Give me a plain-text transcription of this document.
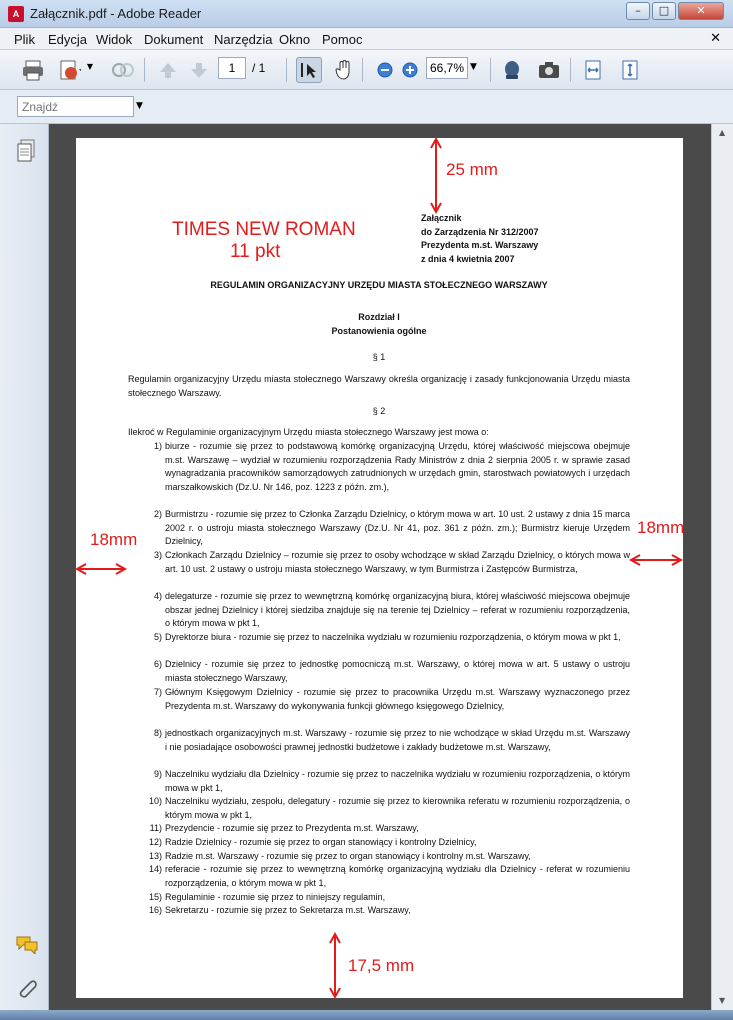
A Załącznik.pdf - Adobe Reader	–	□	✕
Plik Edycja Widok Dokument Narzędzia Okno Pomoc	✕
1	/ 1	66,7% ▼
▼
Znajdź
▼
25 mm
TIMES NEW ROMAN
11 pkt
18mm
18mm
17,5 mm
Załącznik
do Zarządzenia Nr 312/2007
Prezydenta m.st. Warszawy
z dnia 4 kwietnia 2007
REGULAMIN ORGANIZACYJNY URZĘDU MIASTA STOŁECZNEGO WARSZAWY
Rozdział I
Postanowienia ogólne
§ 1
Regulamin organizacyjny Urzędu miasta stołecznego Warszawy określa organizację i zasady funkcjonowania Urzędu miasta stołecznego Warszawy.
§ 2
Ilekroć w Regulaminie organizacyjnym Urzędu miasta stołecznego Warszawy jest mowa o:
1) biurze - rozumie się przez to podstawową komórkę organizacyjną Urzędu, której właściwość miejscowa obejmuje m.st. Warszawę – wydział w rozumieniu rozporządzenia Rady Ministrów z dnia 2 sierpnia 2005 r. w sprawie zasad wynagradzania pracowników samorządowych zatrudnionych w urzędach gmin, starostwach powiatowych i urzędach marszałkowskich (Dz.U. Nr 146, poz. 1223 z późn. zm.),
2) Burmistrzu - rozumie się przez to Członka Zarządu Dzielnicy, o którym mowa w art. 10 ust. 2 ustawy z dnia 15 marca 2002 r. o ustroju miasta stołecznego Warszawy (Dz.U. Nr 41, poz. 361 z późn. zm.); Burmistrz kieruje Urzędem Dzielnicy,
3) Członkach Zarządu Dzielnicy – rozumie się przez to osoby wchodzące w skład Zarządu Dzielnicy, o których mowa w art. 10 ust. 2 ustawy o ustroju miasta stołecznego Warszawy, w tym Burmistrza i Zastępców Burmistrza,
4) delegaturze - rozumie się przez to wewnętrzną komórkę organizacyjną biura, której właściwość miejscowa obejmuje obszar jednej Dzielnicy i której siedziba znajduje się na terenie tej Dzielnicy – referat w rozumieniu rozporządzenia, o którym mowa w pkt 1,
5) Dyrektorze biura - rozumie się przez to naczelnika wydziału w rozumieniu rozporządzenia, o którym mowa w pkt 1,
6) Dzielnicy - rozumie się przez to jednostkę pomocniczą m.st. Warszawy, o której mowa w art. 5 ustawy o ustroju miasta stołecznego Warszawy,
7) Głównym Księgowym Dzielnicy - rozumie się przez to pracownika Urzędu m.st. Warszawy wyznaczonego przez Prezydenta m.st. Warszawy do wykonywania funkcji głównego księgowego Dzielnicy,
8) jednostkach organizacyjnych m.st. Warszawy - rozumie się przez to nie wchodzące w skład Urzędu m.st. Warszawy i nie posiadające osobowości prawnej jednostki budżetowe i zakłady budżetowe m.st. Warszawy,
9) Naczelniku wydziału dla Dzielnicy - rozumie się przez to naczelnika wydziału w rozumieniu rozporządzenia, o którym mowa w pkt 1,
10) Naczelniku wydziału, zespołu, delegatury - rozumie się przez to kierownika referatu w rozumieniu rozporządzenia, o którym mowa w pkt 1,
11) Prezydencie - rozumie się przez to Prezydenta m.st. Warszawy,
12) Radzie Dzielnicy - rozumie się przez to organ stanowiący i kontrolny Dzielnicy,
13) Radzie m.st. Warszawy - rozumie się przez to organ stanowiący i kontrolny m.st. Warszawy,
14) referacie - rozumie się przez to wewnętrzną komórkę organizacyjną wydziału dla Dzielnicy - referat w rozumieniu rozporządzenia, o którym mowa w pkt 1,
15) Regulaminie - rozumie się przez to niniejszy regulamin,
16) Sekretarzu - rozumie się przez to Sekretarza m.st. Warszawy,
▲
▼
